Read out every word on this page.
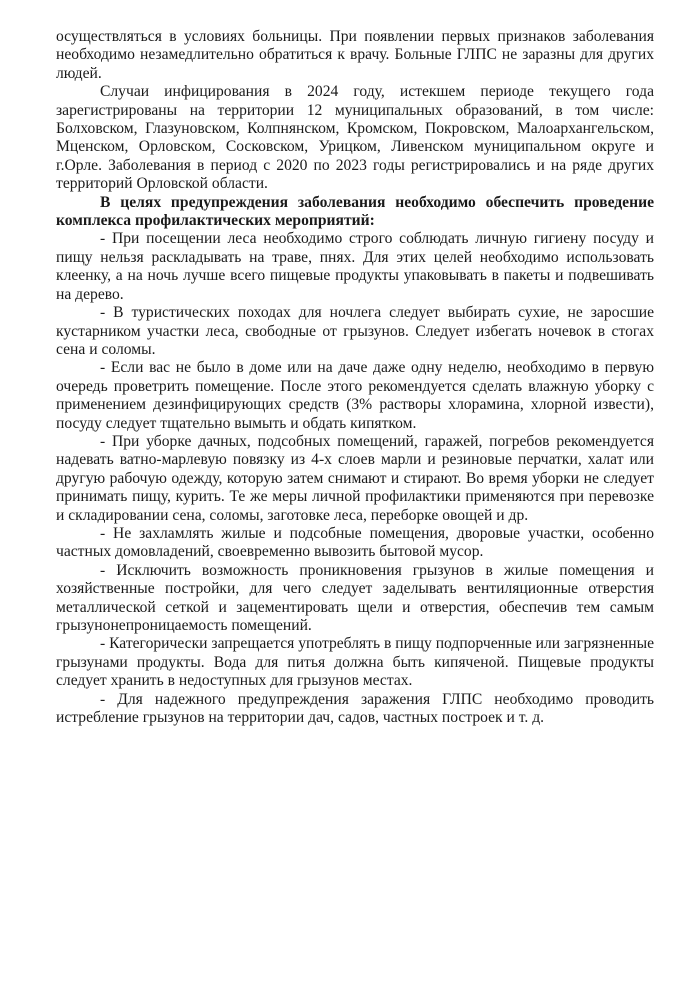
осуществляться в условиях больницы. При появлении первых признаков заболевания необходимо незамедлительно обратиться к врачу. Больные ГЛПС не заразны для других людей.

Случаи инфицирования в 2024 году, истекшем периоде текущего года зарегистрированы на территории 12 муниципальных образований, в том числе: Болховском, Глазуновском, Колпнянском, Кромском, Покровском, Малоархангельском, Мценском, Орловском, Сосковском, Урицком, Ливенском муниципальном округе и г.Орле. Заболевания в период с 2020 по 2023 годы регистрировались и на ряде других территорий Орловской области.

В целях предупреждения заболевания необходимо обеспечить проведение комплекса профилактических мероприятий:

- При посещении леса необходимо строго соблюдать личную гигиену посуду и пищу нельзя раскладывать на траве, пнях. Для этих целей необходимо использовать клеенку, а на ночь лучше всего пищевые продукты упаковывать в пакеты и подвешивать на дерево.

- В туристических походах для ночлега следует выбирать сухие, не заросшие кустарником участки леса, свободные от грызунов. Следует избегать ночевок в стогах сена и соломы.

- Если вас не было в доме или на даче даже одну неделю, необходимо в первую очередь проветрить помещение. После этого рекомендуется сделать влажную уборку с применением дезинфицирующих средств (3% растворы хлорамина, хлорной извести), посуду следует тщательно вымыть и обдать кипятком.

- При уборке дачных, подсобных помещений, гаражей, погребов рекомендуется надевать ватно-марлевую повязку из 4-х слоев марли и резиновые перчатки, халат или другую рабочую одежду, которую затем снимают и стирают. Во время уборки не следует принимать пищу, курить. Те же меры личной профилактики применяются при перевозке и складировании сена, соломы, заготовке леса, переборке овощей и др.

- Не захламлять жилые и подсобные помещения, дворовые участки, особенно частных домовладений, своевременно вывозить бытовой мусор.

- Исключить возможность проникновения грызунов в жилые помещения и хозяйственные постройки, для чего следует заделывать вентиляционные отверстия металлической сеткой и зацементировать щели и отверстия, обеспечив тем самым грызунонепроницаемость помещений.

- Категорически запрещается употреблять в пищу подпорченные или загрязненные грызунами продукты. Вода для питья должна быть кипяченой. Пищевые продукты следует хранить в недоступных для грызунов местах.

- Для надежного предупреждения заражения ГЛПС необходимо проводить истребление грызунов на территории дач, садов, частных построек и т. д.
